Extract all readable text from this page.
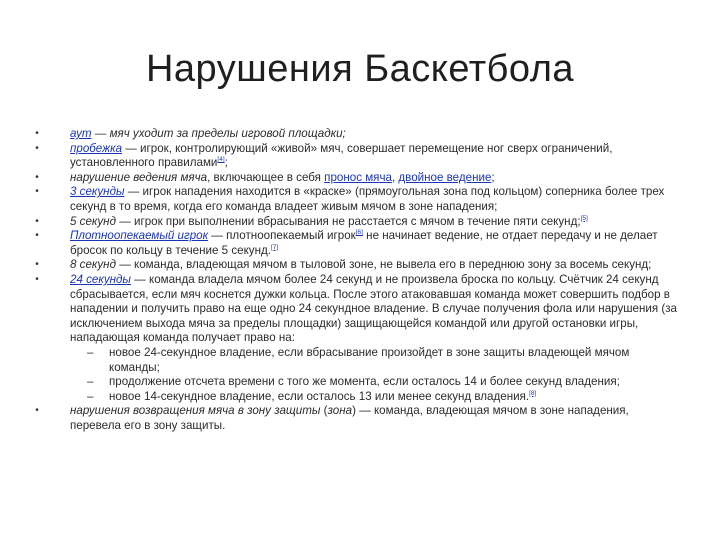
Нарушения Баскетбола
•	аут — мяч уходит за пределы игровой площадки;
•	пробежка — игрок, контролирующий «живой» мяч, совершает перемещение ног сверх ограничений, установленного правилами[4];
•	нарушение ведения мяча, включающее в себя пронос мяча, двойное ведение;
•	3 секунды — игрок нападения находится в «краске» (прямоугольная зона под кольцом) соперника более трех секунд в то время, когда его команда владеет живым мячом в зоне нападения;
•	5 секунд — игрок при выполнении вбрасывания не расстается с мячом в течение пяти секунд;[5]
•	Плотноопекаемый игрок — плотноопекаемый игрок[6] не начинает ведение, не отдает передачу и не делает бросок по кольцу в течение 5 секунд.[7]
•	8 секунд — команда, владеющая мячом в тыловой зоне, не вывела его в переднюю зону за восемь секунд;
•	24 секунды — команда владела мячом более 24 секунд и не произвела броска по кольцу. Счётчик 24 секунд сбрасывается, если мяч коснется дужки кольца. После этого атаковавшая команда может совершить подбор в нападении и получить право на еще одно 24 секундное владение. В случае получения фола или нарушения (за исключением выхода мяча за пределы площадки) защищающейся командой или другой остановки игры, нападающая команда получает право на:
– новое 24-секундное владение, если вбрасывание произойдет в зоне защиты владеющей мячом команды;
– продолжение отсчета времени с того же момента, если осталось 14 и более секунд владения;
– новое 14-секундное владение, если осталось 13 или менее секунд владения.[8]
•	нарушения возвращения мяча в зону защиты (зона) — команда, владеющая мячом в зоне нападения, перевела его в зону защиты.
